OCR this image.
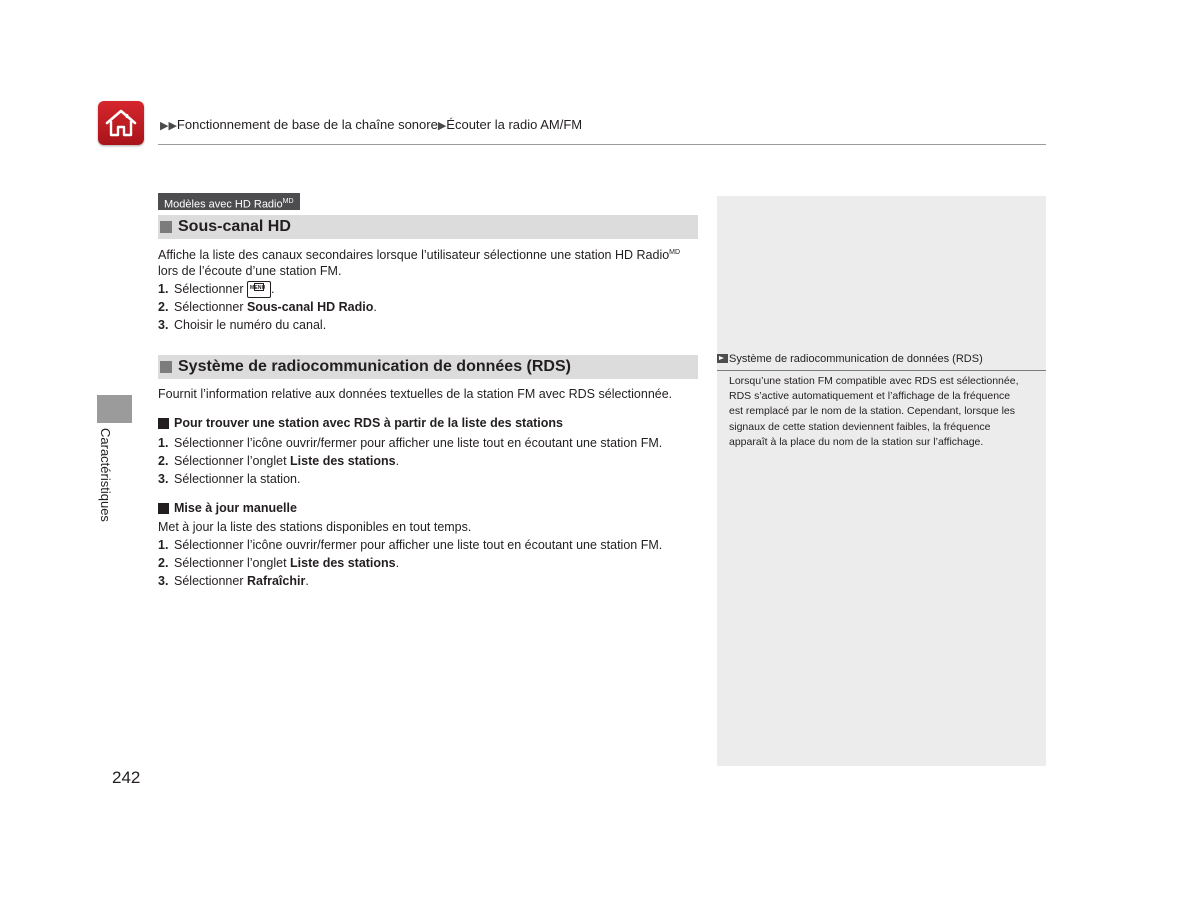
▶▶Fonctionnement de base de la chaîne sonore▶Écouter la radio AM/FM
Système de radiocommunication de données (RDS)
Lorsqu’une station FM compatible avec RDS est sélectionnée,
RDS s’active automatiquement et l’affichage de la fréquence
est remplacé par le nom de la station. Cependant, lorsque les
signaux de cette station deviennent faibles, la fréquence
apparaît à la place du nom de la station sur l’affichage.
Modèles avec HD Radio$^{MD}$
Sous-canal HD
Affiche la liste des canaux secondaires lorsque l’utilisateur sélectionne une station HD Radio$^{MD}$
lors de l’écoute d’une station FM.
1. Sélectionner MENU .
2. Sélectionner Sous-canal HD Radio.
3. Choisir le numéro du canal.
Système de radiocommunication de données (RDS)
Fournit l’information relative aux données textuelles de la station FM avec RDS sélectionnée.
Pour trouver une station avec RDS à partir de la liste des stations
1. Sélectionner l’icône ouvrir/fermer pour afficher une liste tout en écoutant une station FM.
2. Sélectionner l’onglet Liste des stations.
3. Sélectionner la station.
Mise à jour manuelle
Met à jour la liste des stations disponibles en tout temps.
1. Sélectionner l’icône ouvrir/fermer pour afficher une liste tout en écoutant une station FM.
2. Sélectionner l’onglet Liste des stations.
3. Sélectionner Rafraîchir.
Caractéristiques
242
